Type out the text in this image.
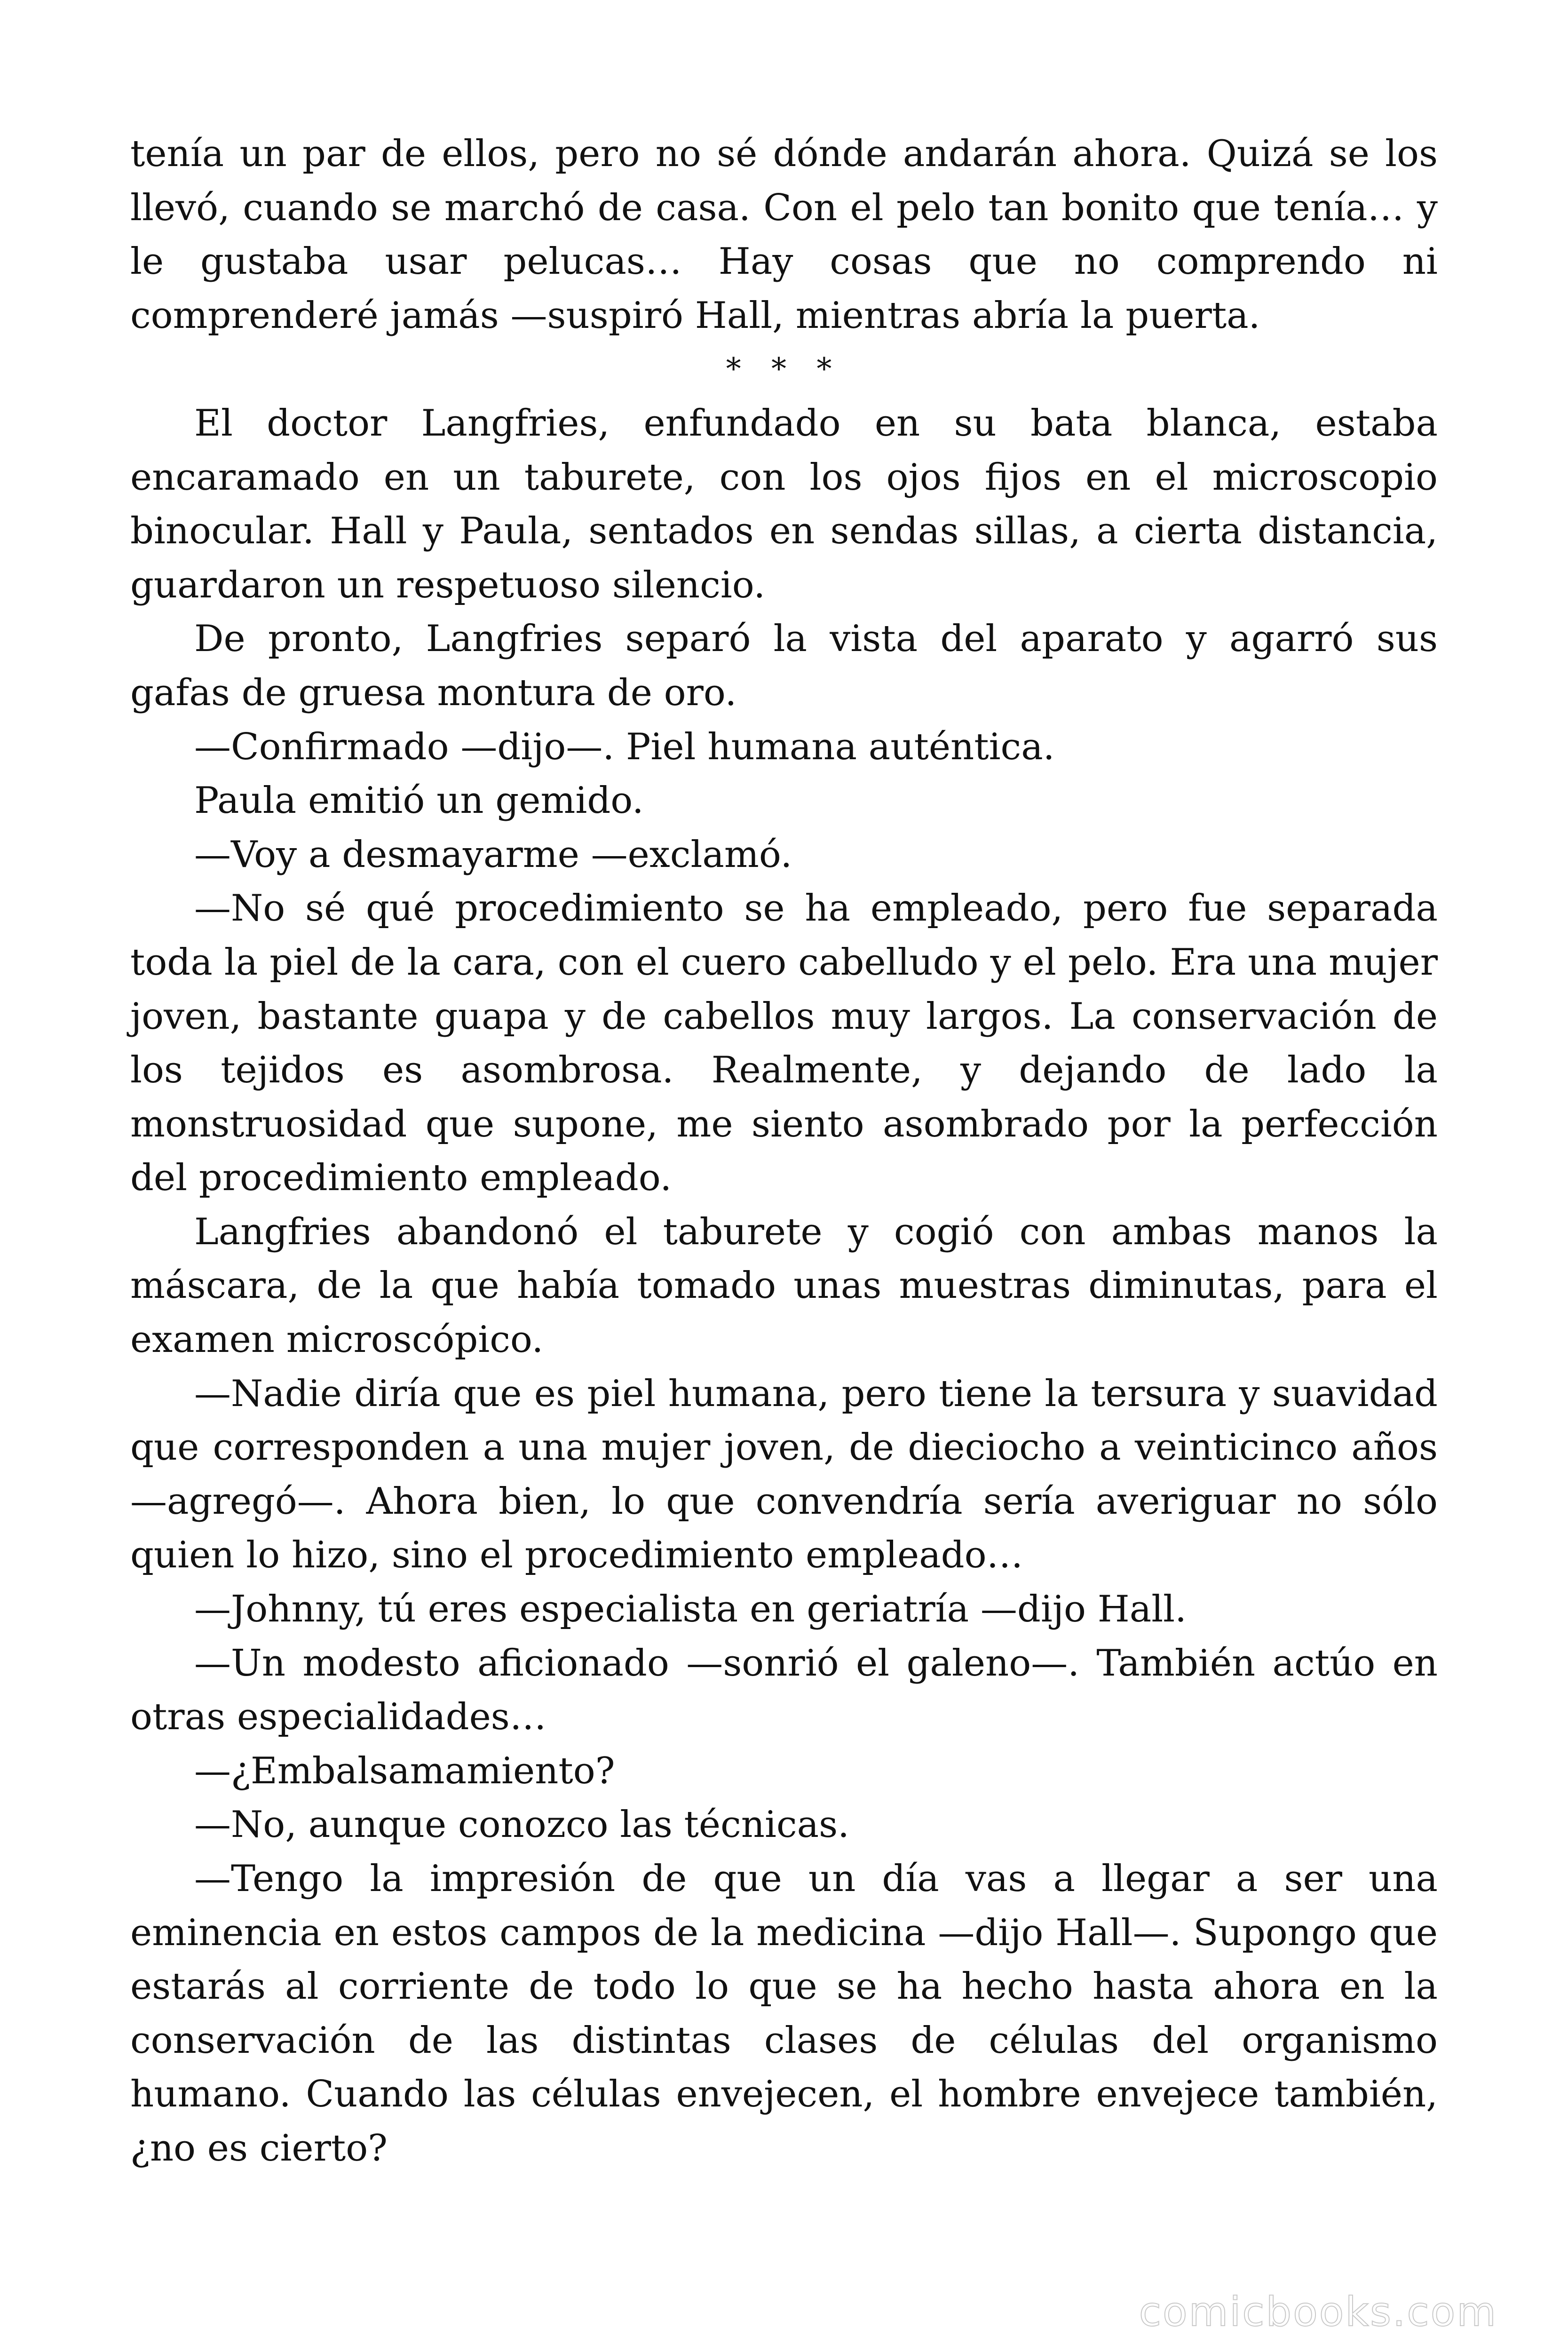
tenía un par de ellos, pero no sé dónde andarán ahora. Quizá se los llevó, cuando se marchó de casa. Con el pelo tan bonito que tenía… y le gustaba usar pelucas… Hay cosas que no comprendo ni comprenderé jamás —suspiró Hall, mientras abría la puerta.

* * *

El doctor Langfries, enfundado en su bata blanca, estaba encaramado en un taburete, con los ojos fijos en el microscopio binocular. Hall y Paula, sentados en sendas sillas, a cierta distancia, guardaron un respetuoso silencio.

De pronto, Langfries separó la vista del aparato y agarró sus gafas de gruesa montura de oro.

—Confirmado —dijo—. Piel humana auténtica.

Paula emitió un gemido.

—Voy a desmayarme —exclamó.

—No sé qué procedimiento se ha empleado, pero fue separada toda la piel de la cara, con el cuero cabelludo y el pelo. Era una mujer joven, bastante guapa y de cabellos muy largos. La conservación de los tejidos es asombrosa. Realmente, y dejando de lado la monstruosidad que supone, me siento asombrado por la perfección del procedimiento empleado.

Langfries abandonó el taburete y cogió con ambas manos la máscara, de la que había tomado unas muestras diminutas, para el examen microscópico.

—Nadie diría que es piel humana, pero tiene la tersura y suavidad que corresponden a una mujer joven, de dieciocho a veinticinco años —agregó—. Ahora bien, lo que convendría sería averiguar no sólo quien lo hizo, sino el procedimiento empleado…

—Johnny, tú eres especialista en geriatría —dijo Hall.

—Un modesto aficionado —sonrió el galeno—. También actúo en otras especialidades…

—¿Embalsamamiento?

—No, aunque conozco las técnicas.

—Tengo la impresión de que un día vas a llegar a ser una eminencia en estos campos de la medicina —dijo Hall—. Supongo que estarás al corriente de todo lo que se ha hecho hasta ahora en la conservación de las distintas clases de células del organismo humano. Cuando las células envejecen, el hombre envejece también, ¿no es cierto?

comicbooks.com
